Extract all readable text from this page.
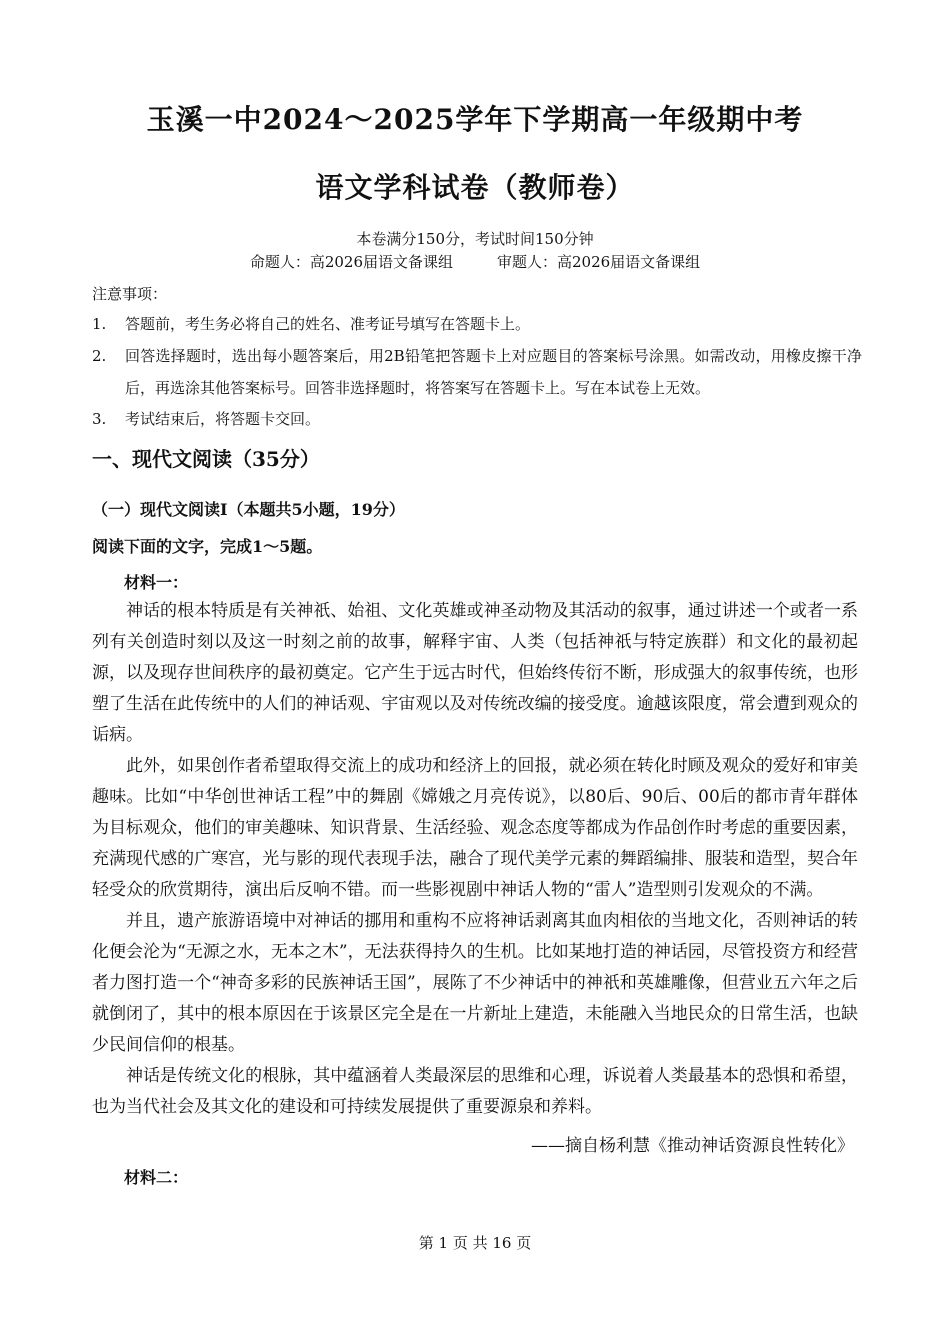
玉溪一中2024～2025学年下学期高一年级期中考
语文学科试卷（教师卷）
本卷满分150分，考试时间150分钟
命题人：高2026届语文备课组	审题人：高2026届语文备课组
注意事项：
1. 答题前，考生务必将自己的姓名、准考证号填写在答题卡上。
2. 回答选择题时，选出每小题答案后，用2B铅笔把答题卡上对应题目的答案标号涂黑。如需改动，用橡皮擦干净后，再选涂其他答案标号。回答非选择题时，将答案写在答题卡上。写在本试卷上无效。
3. 考试结束后，将答题卡交回。
一、现代文阅读（35分）
（一）现代文阅读Ⅰ（本题共5小题，19分）
阅读下面的文字，完成1～5题。
材料一：

神话的根本特质是有关神祇、始祖、文化英雄或神圣动物及其活动的叙事，通过讲述一个或者一系列有关创造时刻以及这一时刻之前的故事，解释宇宙、人类（包括神祇与特定族群）和文化的最初起源，以及现存世间秩序的最初奠定。它产生于远古时代，但始终传衍不断，形成强大的叙事传统，也形塑了生活在此传统中的人们的神话观、宇宙观以及对传统改编的接受度。逾越该限度，常会遭到观众的诟病。

此外，如果创作者希望取得交流上的成功和经济上的回报，就必须在转化时顾及观众的爱好和审美趣味。比如“中华创世神话工程”中的舞剧《嫦娥之月亮传说》，以80后、90后、00后的都市青年群体为目标观众，他们的审美趣味、知识背景、生活经验、观念态度等都成为作品创作时考虑的重要因素，充满现代感的广寒宫，光与影的现代表现手法，融合了现代美学元素的舞蹈编排、服装和造型，契合年轻受众的欣赏期待，演出后反响不错。而一些影视剧中神话人物的“雷人”造型则引发观众的不满。

并且，遗产旅游语境中对神话的挪用和重构不应将神话剥离其血肉相依的当地文化，否则神话的转化便会沦为“无源之水，无本之木”，无法获得持久的生机。比如某地打造的神话园，尽管投资方和经营者力图打造一个“神奇多彩的民族神话王国”，展陈了不少神话中的神祇和英雄雕像，但营业五六年之后就倒闭了，其中的根本原因在于该景区完全是在一片新址上建造，未能融入当地民众的日常生活，也缺少民间信仰的根基。

神话是传统文化的根脉，其中蕴涵着人类最深层的思维和心理，诉说着人类最基本的恐惧和希望，也为当代社会及其文化的建设和可持续发展提供了重要源泉和养料。

——摘自杨利慧《推动神话资源良性转化》
材料二：
第 1 页 共 16 页
